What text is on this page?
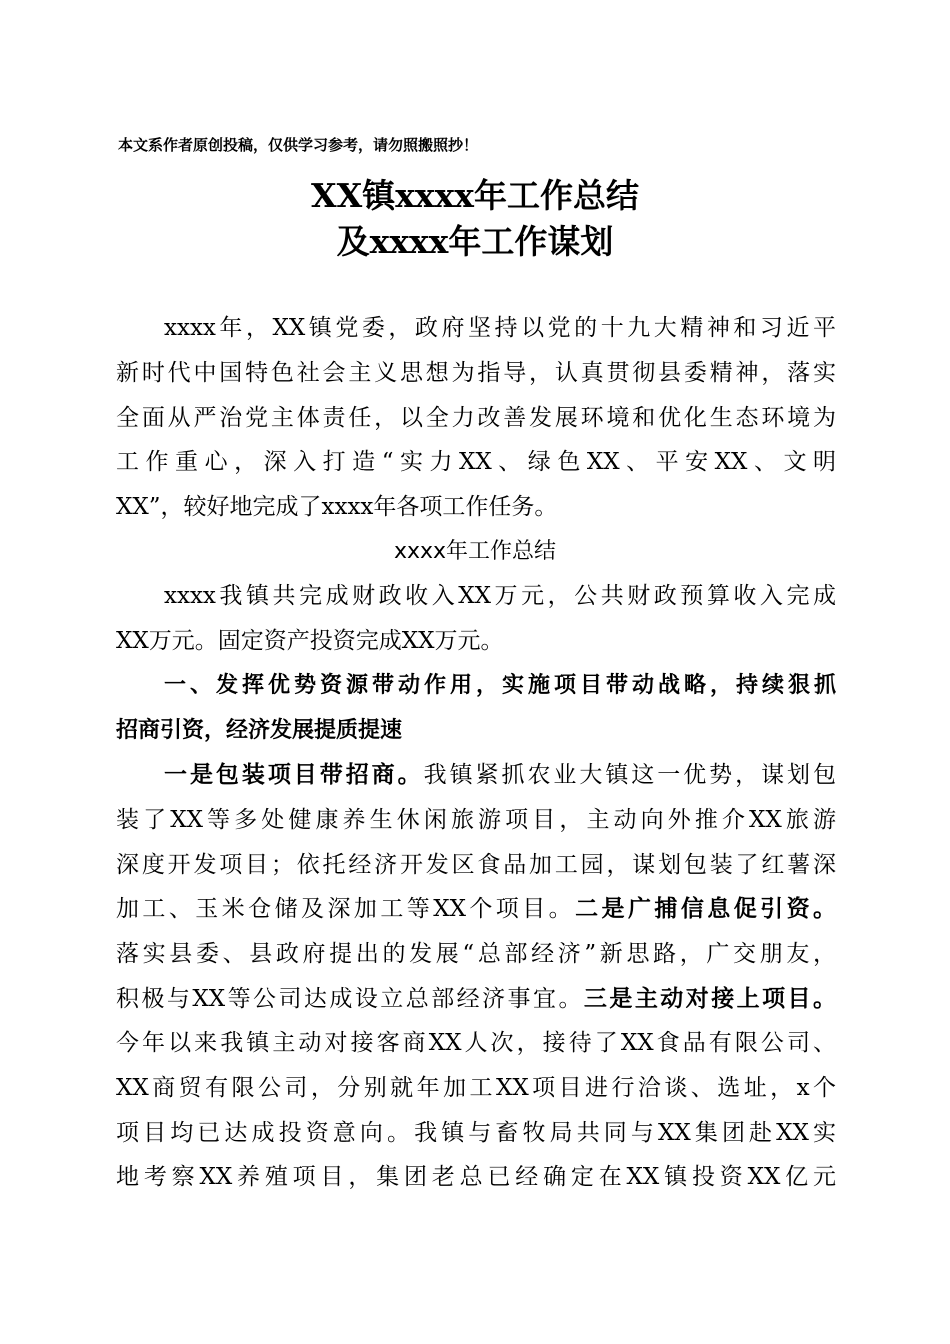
本文系作者原创投稿，仅供学习参考，请勿照搬照抄！
XX镇xxxx年工作总结
及xxxx年工作谋划
xxxx年，XX镇党委，政府坚持以党的十九大精神和习近平
新时代中国特色社会主义思想为指导，认真贯彻县委精神，落实
全面从严治党主体责任，以全力改善发展环境和优化生态环境为
工作重心，深入打造“实力XX、绿色XX、平安XX、文明
XX”，较好地完成了xxxx年各项工作任务。
xxxx年工作总结
xxxx我镇共完成财政收入XX万元，公共财政预算收入完成
XX万元。固定资产投资完成XX万元。
一、发挥优势资源带动作用，实施项目带动战略，持续狠抓
招商引资，经济发展提质提速
一是包装项目带招商。我镇紧抓农业大镇这一优势，谋划包
装了XX等多处健康养生休闲旅游项目，主动向外推介XX旅游
深度开发项目；依托经济开发区食品加工园，谋划包装了红薯深
加工、玉米仓储及深加工等XX个项目。二是广捕信息促引资。
落实县委、县政府提出的发展“总部经济”新思路，广交朋友，
积极与XX等公司达成设立总部经济事宜。三是主动对接上项目。
今年以来我镇主动对接客商XX人次，接待了XX食品有限公司、
XX商贸有限公司，分别就年加工XX项目进行洽谈、选址，x个
项目均已达成投资意向。我镇与畜牧局共同与XX集团赴XX实
地考察XX养殖项目，集团老总已经确定在XX镇投资XX亿元
